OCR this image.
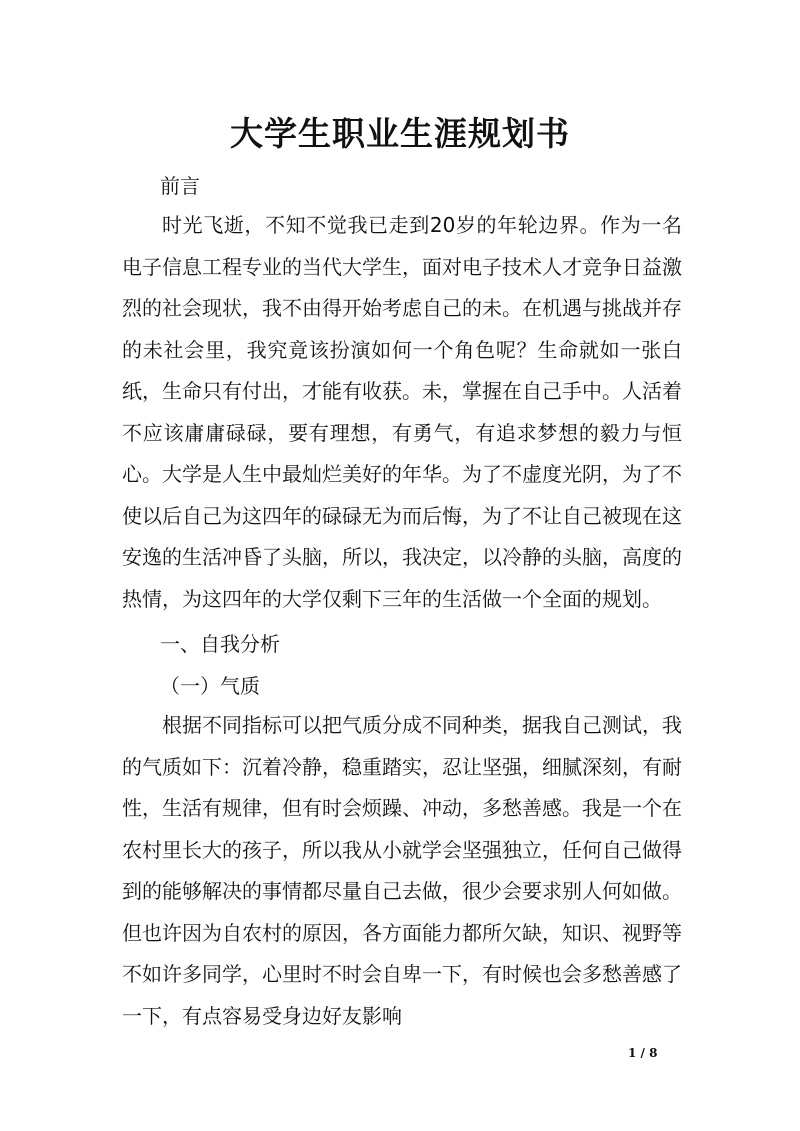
大学生职业生涯规划书

前言

时光飞逝，不知不觉我已走到20岁的年轮边界。作为一名电子信息工程专业的当代大学生，面对电子技术人才竞争日益激烈的社会现状，我不由得开始考虑自己的未。在机遇与挑战并存的未社会里，我究竟该扮演如何一个角色呢？生命就如一张白纸，生命只有付出，才能有收获。未，掌握在自己手中。人活着不应该庸庸碌碌，要有理想，有勇气，有追求梦想的毅力与恒心。大学是人生中最灿烂美好的年华。为了不虚度光阴，为了不使以后自己为这四年的碌碌无为而后悔，为了不让自己被现在这安逸的生活冲昏了头脑，所以，我决定，以冷静的头脑，高度的热情，为这四年的大学仅剩下三年的生活做一个全面的规划。

一、自我分析

（一）气质

根据不同指标可以把气质分成不同种类，据我自己测试，我的气质如下：沉着冷静，稳重踏实，忍让坚强，细腻深刻，有耐性，生活有规律，但有时会烦躁、冲动，多愁善感。我是一个在农村里长大的孩子，所以我从小就学会坚强独立，任何自己做得到的能够解决的事情都尽量自己去做，很少会要求别人何如做。但也许因为自农村的原因，各方面能力都所欠缺，知识、视野等不如许多同学，心里时不时会自卑一下，有时候也会多愁善感了一下，有点容易受身边好友影响

1 / 8
